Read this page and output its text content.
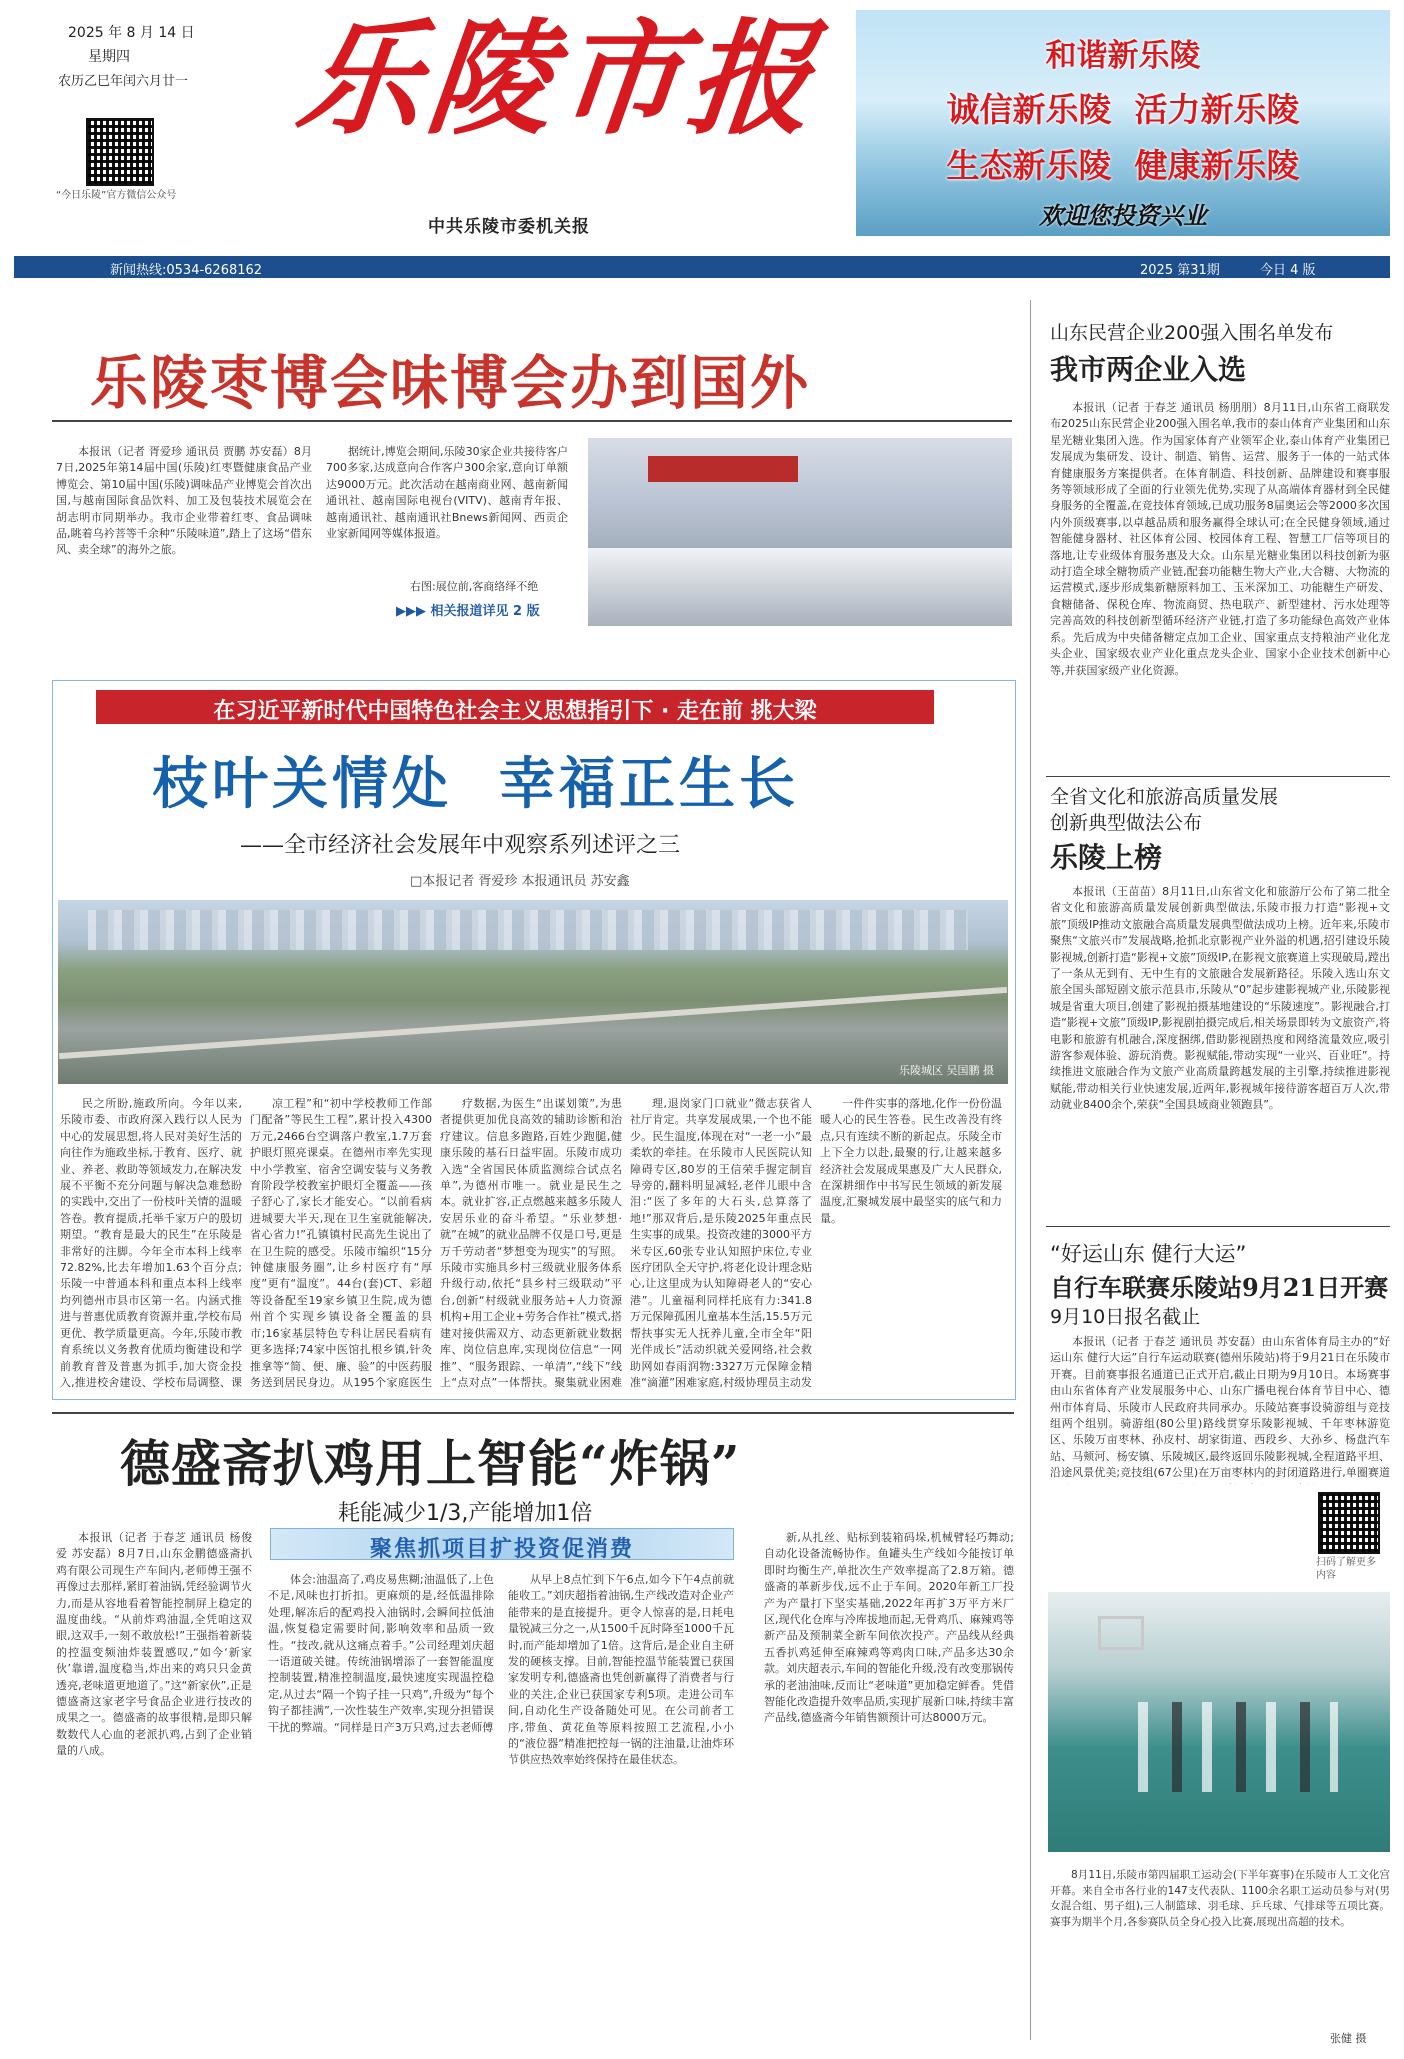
2025 年 8 月 14 日
星期四
农历乙巳年闰六月廿一
“今日乐陵”官方微信公众号
乐陵市报
中共乐陵市委机关报
和谐新乐陵
诚信新乐陵  活力新乐陵
生态新乐陵  健康新乐陵
欢迎您投资兴业
新闻热线:0534-6268162	2025 第31期	今日 4 版
乐陵枣博会味博会办到国外

本报讯（记者 胥爱珍 通讯员 贾鹏 苏安磊）8月7日,2025年第14届中国(乐陵)红枣暨健康食品产业博览会、第10届中国(乐陵)调味品产业博览会首次出国,与越南国际食品饮料、加工及包装技术展览会在胡志明市同期举办。我市企业带着红枣、食品调味品,眺着乌衿菩等千余种“乐陵味道”,踏上了这场“借东风、卖全球”的海外之旅。

据统计,博览会期间,乐陵30家企业共接待客户700多家,达成意向合作客户300余家,意向订单额达9000万元。此次活动在越南商业网、越南新闻通讯社、越南国际电视台(VITV)、越南青年报、越南通讯社、越南通讯社Bnews新闻网、西贡企业家新闻网等媒体报道。

右图:展位前,客商络绎不绝
▶▶▶ 相关报道详见 2 版
在习近平新时代中国特色社会主义思想指引下 · 走在前 挑大梁
枝叶关情处  幸福正生长
——全市经济社会发展年中观察系列述评之三
□本报记者 胥爱珍 本报通讯员 苏安鑫
乐陵城区 吴国鹏 摄

民之所盼,施政所向。今年以来,乐陵市委、市政府深入践行以人民为中心的发展思想,将人民对美好生活的向往作为施政坐标,于教育、医疗、就业、养老、救助等领域发力,在解决发展不平衡不充分问题与解决急难愁盼的实践中,交出了一份枝叶关情的温暖答卷。教育提质,托举千家万户的殷切期望。“教育是最大的民生”在乐陵是非常好的注脚。今年全市本科上线率72.82%,比去年增加1.63个百分点;乐陵一中普通本科和重点本科上线率均列德州市县市区第一名。内涵式推进与普惠优质教育资源并重,学校布局更优、教学质量更高。今年,乐陵市教育系统以义务教育优质均衡建设和学前教育普及普惠为抓手,加大资金投入,推进校舍建设、学校布局调整、课

凉工程”和“初中学校教师工作部门配备”等民生工程”,累计投入4300万元,2466台空调落户教室,1.7万套护眼灯照亮课桌。在德州市率先实现中小学教室、宿舍空调安装与义务教育阶段学校教室护眼灯全覆盖——孩子舒心了,家长才能安心。“以前看病进城要大半天,现在卫生室就能解决,省心省力!”孔镇镇村民高先生说出了在卫生院的感受。乐陵市编织“15分钟健康服务圈”,让乡村医疗有“厚度”更有“温度”。44台(套)CT、彩超等设备配至19家乡镇卫生院,成为德州首个实现乡镇设备全覆盖的县市;16家基层特色专科让居民看病有更多选择;74家中医馆扎根乡镇,针灸推拿等“简、便、廉、验”的中医药服务送到居民身边。从195个家庭医生

疗数据,为医生“出谋划策”,为患者提供更加优良高效的辅助诊断和治疗建议。信息多跑路,百姓少跑腿,健康乐陵的基石日益牢固。乐陵市成功入选“全省国民体质监测综合试点名单”,为德州市唯一。就业是民生之本。就业扩容,正点燃越来越多乐陵人安居乐业的奋斗希望。“乐业梦想·就”在城”的就业品牌不仅是口号,更是万千劳动者“梦想变为现实”的写照。乐陵市实施具乡村三级就业服务体系升级行动,依托“县乡村三级联动”平台,创新“村级就业服务站+人力资源机构+用工企业+劳务合作社”模式,搭建对接供需双方、动态更新就业数据库、岗位信息库,实现岗位信息“一网推”、“服务跟踪、一单清”,“线下”线上“点对点”一体帮扶。聚集就业困难

理,退岗家门口就业”微志获省人社厅肯定。共享发展成果,一个也不能少。民生温度,体现在对“一老一小”最柔软的牵挂。在乐陵市人民医院认知障碍专区,80岁的王信荣手握定制盲导旁的,翻料明显减轻,老伴儿眼中含泪:“医了多年的大石头,总算落了地!”那双背后,是乐陵2025年重点民生实事的成果。投资改建的3000平方米专区,60张专业认知照护床位,专业医疗团队全天守护,将老化设计理念贴心,让这里成为认知障碍老人的“安心港”。儿童福利同样托底有力:341.8万元保障孤困儿童基本生活,15.5万元帮扶事实无人抚养儿童,全市全年“阳光伴成长”活动织就关爱网络,社会救助网如春雨润物:3327万元保障金精准“滴灌”困难家庭,村级协理员主动发

一件件实事的落地,化作一份份温暖人心的民生答卷。民生改善没有终点,只有连续不断的新起点。乐陵全市上下全力以赴,最聚的行,让越来越多经济社会发展成果惠及广大人民群众,在深耕细作中书写民生领域的新发展温度,汇聚城发展中最坚实的底气和力量。

山东民营企业200强入围名单发布
我市两企业入选

本报讯（记者 于春芝 通讯员 杨朋朋）8月11日,山东省工商联发布2025山东民营企业200强入围名单,我市的泰山体育产业集团和山东星光糖业集团入选。作为国家体育产业领军企业,泰山体育产业集团已发展成为集研发、设计、制造、销售、运营、服务于一体的一站式体育健康服务方案提供者。在体育制造、科技创新、品牌建设和赛事服务等领域形成了全面的行业领先优势,实现了从高端体育器材到全民健身服务的全覆盖,在竞技体育领域,已成功服务8届奥运会等2000多次国内外顶级赛事,以卓越品质和服务赢得全球认可;在全民健身领域,通过智能健身器材、社区体育公园、校园体育工程、智慧工厂信等项目的落地,让专业级体育服务惠及大众。山东星光糖业集团以科技创新为驱动打造全球全糖物质产业链,配套功能糖生物大产业,大合糖、大物流的运营模式,逐步形成集新糖原料加工、玉米深加工、功能糖生产研发、食糖储备、保税仓库、物流商贸、热电联产、新型建材、污水处理等完善高效的科技创新型循环经济产业链,打造了多功能绿色高效产业体系。先后成为中央储备糖定点加工企业、国家重点支持粮油产业化龙头企业、国家级农业产业化重点龙头企业、国家小企业技术创新中心等,并获国家级产业化资源。

全省文化和旅游高质量发展
创新典型做法公布
乐陵上榜

本报讯（王苗苗）8月11日,山东省文化和旅游厅公布了第二批全省文化和旅游高质量发展创新典型做法,乐陵市报力打造“影视+文旅”顶级IP推动文旅融合高质量发展典型做法成功上榜。近年来,乐陵市聚焦“文旅兴市”发展战略,抢抓北京影视产业外溢的机遇,招引建设乐陵影视城,创新打造“影视+文旅”顶级IP,在影视文旅赛道上实现破局,蹚出了一条从无到有、无中生有的文旅融合发展新路径。乐陵入选山东文旅全国头部短剧文旅示范县市,乐陵从“0”起步建影视城产业,乐陵影视城是省重大项目,创建了影视拍摄基地建设的“乐陵速度”。影视融合,打造“影视+文旅”顶级IP,影视剧拍摄完成后,相关场景即转为文旅资产,将电影和旅游有机融合,深度捆绑,借助影视剧热度和网络流量效应,吸引游客参观体验、游玩消费。影视赋能,带动实现“一业兴、百业旺”。持续推进文旅融合作为文旅产业高质量跨越发展的主引擎,持续推进影视赋能,带动相关行业快速发展,近两年,影视城年接待游客超百万人次,带动就业8400余个,荣获“全国县域商业领跑县”。

“好运山东 健行大运”
自行车联赛乐陵站9月21日开赛
9月10日报名截止

本报讯（记者 于春芝 通讯员 苏安磊）由山东省体育局主办的“好运山东 健行大运”自行车运动联赛(德州乐陵站)将于9月21日在乐陵市开赛。目前赛事报名通道已正式开启,截止日期为9月10日。本场赛事由山东省体育产业发展服务中心、山东广播电视台体育节目中心、德州市体育局、乐陵市人民政府共同承办。乐陵站赛事设骑游组与竞技组两个组别。骑游组(80公里)路线贯穿乐陵影视城、千年枣林游览区、乐陵万亩枣林、孙皮村、胡家街道、西段乡、大孙乡、杨盘汽车站、马颊河、杨安镇、乐陵城区,最终返回乐陵影视城,全程道路平坦、沿途风景优美;竞技组(67公里)在万亩枣林内的封闭道路进行,单圈赛道

扫码了解更多内容

8月11日,乐陵市第四届职工运动会(下半年赛事)在乐陵市人工文化宫开幕。来自全市各行业的147支代表队、1100余名职工运动员参与对(男女混合组、男子组),三人制篮球、羽毛球、乒乓球、气排球等五项比赛。赛事为期半个月,各参赛队员全身心投入比赛,展现出高超的技术。

张健 摄
德盛斋扒鸡用上智能“炸锅”
耗能减少1/3,产能增加1倍
聚焦抓项目扩投资促消费

本报讯（记者 于春芝 通讯员 杨俊 爱 苏安磊）8月7日,山东金鹏德盛斋扒鸡有限公司现生产车间内,老师傅王强不再像过去那样,紧盯着油锅,凭经验调节火力,而是从容地看着智能控制屏上稳定的温度曲线。“从前炸鸡油温,全凭咱这双眼,这双手,一刻不敢放松!”王强指着新装的控温变频油炸装置感叹,“如今‘新家伙’靠谱,温度稳当,炸出来的鸡只只金黄透亮,老味道更地道了。”这“新家伙”,正是德盛斋这家老字号食品企业进行技改的成果之一。德盛斋的故事很精,是即只解数数代人心血的老派扒鸡,占到了企业销量的八成。

体会:油温高了,鸡皮易焦糊;油温低了,上色不足,风味也打折扣。更麻烦的是,经低温排除处理,解冻后的配鸡投入油锅时,会瞬间拉低油温,恢复稳定需要时间,影响效率和品质一致性。“技改,就从这痛点着手。”公司经理刘庆超一语道破关键。传统油锅增添了一套智能温度控制装置,精准控制温度,最快速度实现温控稳定,从过去“隔一个钩子挂一只鸡”,升级为“每个钩子都挂满”,一次性装生产效率,实现分担错误干扰的弊端。“同样是日产3万只鸡,过去老师傅

从早上8点忙到下午6点,如今下午4点前就能收工。”刘庆超指着油锅,生产线改造对企业产能带来的是直接提升。更令人惊喜的是,日耗电量锐减三分之一,从1500千瓦时降至1000千瓦时,而产能却增加了1倍。这背后,是企业自主研发的硬核支撑。目前,智能控温节能装置已获国家发明专利,德盛斋也凭创新赢得了消费者与行业的关注,企业已获国家专利5项。走进公司车间,自动化生产设备随处可见。在公司前者工序,带鱼、黄花鱼等原料按照工艺流程,小小的“液位器”精准把控每一锅的注油量,让油炸环节供应热效率始终保持在最佳状态。

新,从扎丝、贴标到装箱码垛,机械臂轻巧舞动;自动化设备流畅协作。鱼罐头生产线如今能按订单即时均衡生产,单批次生产效率提高了2.8万箱。德盛斋的革新步伐,远不止于车间。2020年新工厂投产为产量打下坚实基础,2022年再扩3万平方米厂区,现代化仓库与冷库拔地而起,无骨鸡爪、麻辣鸡等新产品及预制菜全新车间依次投产。产品线从经典五香扒鸡延伸至麻辣鸡等鸡肉口味,产品多达30余款。刘庆超表示,车间的智能化升级,没有改变那锅传承的老油油味,反而让“老味道”更加稳定鲜香。凭借智能化改造提升效率品质,实现扩展新口味,持续丰富产品线,德盛斋今年销售额预计可达8000万元。
